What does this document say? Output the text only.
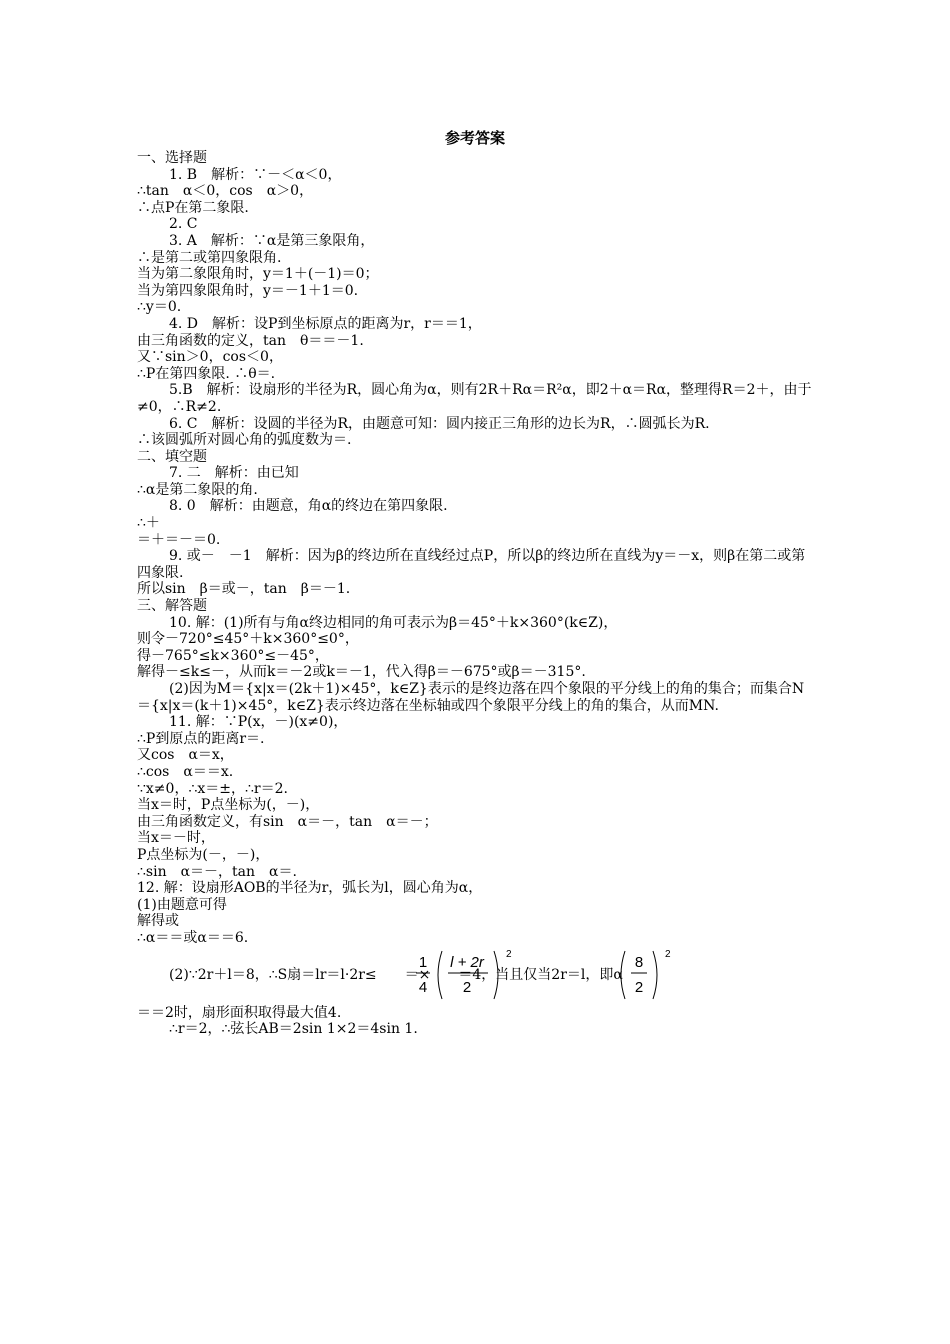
参考答案
一、选择题
1. B　解析：∵－＜α＜0，
∴tan　α＜0，cos　α＞0，
∴点P在第二象限.
2. C
3. A　解析：∵α是第三象限角，
∴是第二或第四象限角.
当为第二象限角时，y＝1＋(－1)＝0；
当为第四象限角时，y＝－1＋1＝0.
∴y＝0.
4. D　解析：设P到坐标原点的距离为r，r＝＝1，
由三角函数的定义，tan　θ＝＝－1.
又∵sin＞0，cos＜0，
∴P在第四象限. ∴θ＝.
5.B　解析：设扇形的半径为R，圆心角为α，则有2R＋Rα＝R²α，即2＋α＝Rα，整理得R＝2＋，由于≠0，∴R≠2.
6. C　解析：设圆的半径为R，由题意可知：圆内接正三角形的边长为R，∴圆弧长为R.
∴该圆弧所对圆心角的弧度数为＝.
二、填空题
7. 二　解析：由已知
∴α是第二象限的角.
8. 0　解析：由题意，角α的终边在第四象限.
∴＋
＝＋＝－＝0.
9. 或－　－1　解析：因为β的终边所在直线经过点P，所以β的终边所在直线为y＝－x，则β在第二或第四象限.
所以sin　β＝或－，tan　β＝－1.
三、解答题
10. 解：(1)所有与角α终边相同的角可表示为β＝45°＋k×360°(k∈Z)，
则令－720°≤45°＋k×360°≤0°，
得－765°≤k×360°≤－45°，
解得－≤k≤－，从而k＝－2或k＝－1，代入得β＝－675°或β＝－315°.
(2)因为M＝{x|x＝(2k＋1)×45°，k∈Z}表示的是终边落在四个象限的平分线上的角的集合；而集合N＝{x|x＝(k＋1)×45°，k∈Z}表示终边落在坐标轴或四个象限平分线上的角的集合，从而MN.
11. 解：∵P(x，－)(x≠0)，
∴P到原点的距离r＝.
又cos　α＝x，
∴cos　α＝＝x.
∵x≠0，∴x＝±，∴r＝2.
当x＝时，P点坐标为(，－)，
由三角函数定义，有sin　α＝－，tan　α＝－；
当x＝－时，
P点坐标为(－，－)，
∴sin　α＝－，tan　α＝.
12. 解：设扇形AOB的半径为r，弧长为l，圆心角为α，
(1)由题意可得
解得或
∴α＝＝或α＝＝6.
(2)∵2r＋l＝8，∴S扇＝lr＝l·2r≤　　＝×　　＝4，当且仅当2r＝l，即α
1
4
l + 2r
2
2	8
2
2
＝＝2时，扇形面积取得最大值4.
∴r＝2，∴弦长AB＝2sin 1×2＝4sin 1.
